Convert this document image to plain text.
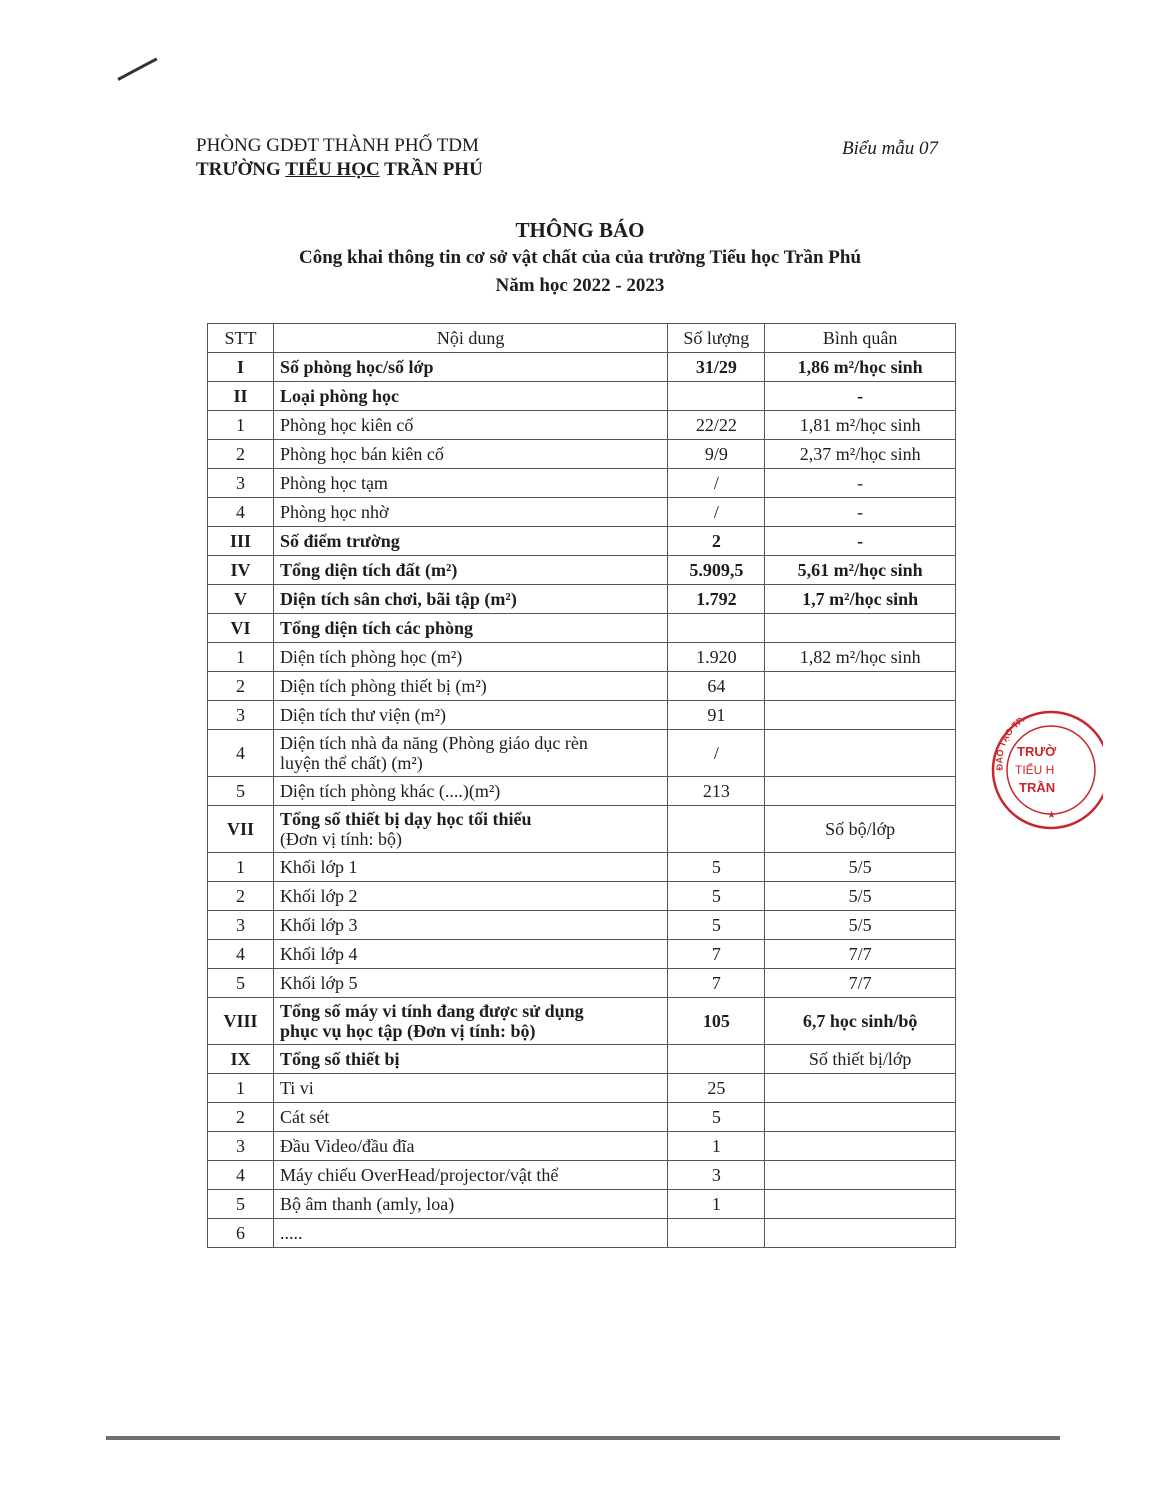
PHÒNG GDĐT THÀNH PHỐ TDM
TRƯỜNG TIỂU HỌC TRẦN PHÚ
Biểu mẫu 07
THÔNG BÁO
Công khai thông tin cơ sở vật chất của của trường Tiểu học Trần Phú
Năm học 2022 - 2023
STT	Nội dung	Số lượng	Bình quân
I	Số phòng học/số lớp	31/29	1,86 m²/học sinh
II	Loại phòng học		-
1	Phòng học kiên cố	22/22	1,81 m²/học sinh
2	Phòng học bán kiên cố	9/9	2,37 m²/học sinh
3	Phòng học tạm	/	-
4	Phòng học nhờ	/	-
III	Số điểm trường	2	-
IV	Tổng diện tích đất (m²)	5.909,5	5,61 m²/học sinh
V	Diện tích sân chơi, bãi tập (m²)	1.792	1,7 m²/học sinh
VI	Tổng diện tích các phòng		

1	Diện tích phòng học (m²)	1.920	1,82 m²/học sinh
2	Diện tích phòng thiết bị (m²)	64	
3	Diện tích thư viện (m²)	91	
4	Diện tích nhà đa năng (Phòng giáo dục rèn
luyện thể chất) (m²)	/	
5	Diện tích phòng khác (....)(m²)	213	
VII	Tổng số thiết bị dạy học tối thiểu
(Đơn vị tính: bộ)		Số bộ/lớp
1	Khối lớp 1	5	5/5
2	Khối lớp 2	5	5/5
3	Khối lớp 3	5	5/5
4	Khối lớp 4	7	7/7
5	Khối lớp 5	7	7/7
VIII	Tổng số máy vi tính đang được sử dụng
phục vụ học tập (Đơn vị tính: bộ)	105	6,7 học sinh/bộ
IX	Tổng số thiết bị		Số thiết bị/lớp
1	Ti vi	25	
2	Cát sét	5	
3	Đầu Video/đầu đĩa	1	
4	Máy chiếu OverHead/projector/vật thể	3	
5	Bộ âm thanh (amly, loa)	1	
6	.....		

ĐÀO TẠO TP.
TRƯỜ
TIỂU H
TRẦN
★
